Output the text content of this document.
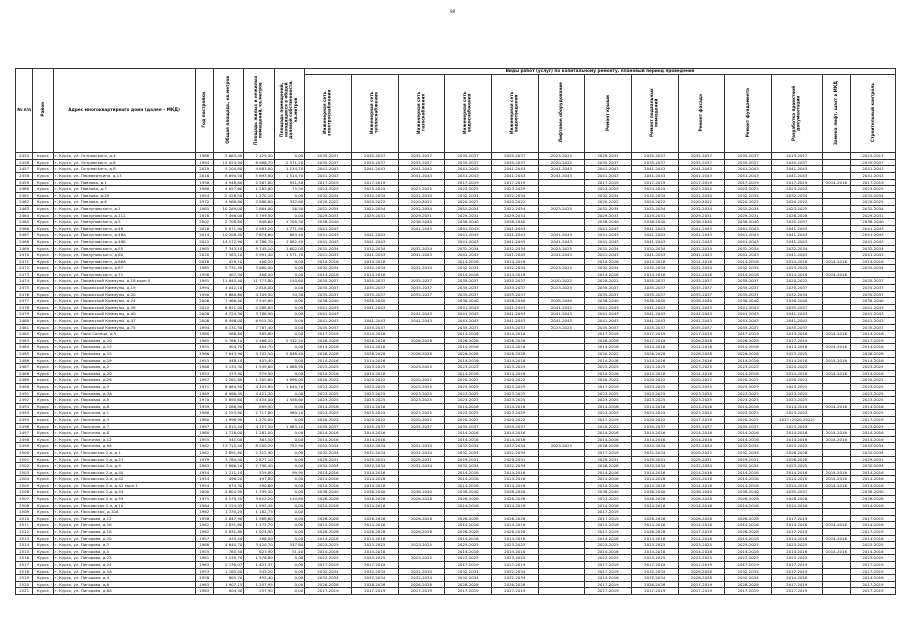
98
№ п/п	Район	Адрес многоквартирного дома (далее – МКД)	Год постройки	Общая площадь, кв.метров	Площадь жилых и нежилых помещений, кв.метров	Площадь помещений, находящихся в общей долевой собственности, кв.метров	Виды работ (услуг) по капитальному ремонту, плановый период проведения												
							Инженерная сеть электроснабжения	Инженерная сеть теплоснабжения	Инженерная сеть газоснабжения	Инженерная сеть водоснабжения	Инженерная сеть водоотведения	Лифтовое оборудование	Ремонт крыши	Ремонт подвальных помещений	Ремонт фасада	Ремонт фундамента	Разработка проектной документации	Замена лифт. шахт в МКД	Строительный контроль
2455	Курск	г. Курск, ул. Островского, д.4	1988	3 663,40	7 129,50	0,00	2035-2037	2035-2037	2035-2037	2035-2037	2035-2037	2023-2025	2029-2031	2035-2037	2035-2037	2035-2037	2015-2017		2015-2017
2456	Курск	г. Курск, ул. Островского, д.6	1994	12 024,90	8 988,70	2 571,20	2035-2037	2035-2037	2035-2037	2035-2037	2035-2037	2020-2022	2035-2037	2035-2037	2035-2037	2035-2037	2035-2037		2035-2037
2457	Курск	г. Курск, ул. Островского, д.8	2019	5 204,80	4 683,00	1 134,70	2041-2043	2041-2043	2041-2043	2041-2043	2041-2043	2041-2043	2041-2043	2041-2043	2041-2043	2041-2043	2041-2043		2041-2043
2458	Курск	г. Курск, ул. Переверткина, д.13	2016	8 690,50	5 693,80	1 514,70	2041-2043		2041-2043	2041-2043	2041-2043	2041-2043	2041-2043	2041-2043	2041-2043	2041-2043	2041-2043		2041-2043
2459	Курск	г. Курск, ул. Павлова, д.1	1958	4 948,60	2 367,80	931,40	2017-2019	2017-2019		2017-2019	2017-2019		2017-2019	2017-2019	2017-2019	2017-2019	2017-2019	2014-2016	2017-2019
2460	Курск	г. Курск, ул. Павлова, д.7	1968	4 627,60	1 283,60	75,50	2023-2025	2023-2025	2023-2025	2023-2025	2023-2025		2023-2025	2023-2025	2023-2025	2023-2025	2023-2025		2023-2025
2461	Курск	г. Курск, ул. Павлова, д.29	1954	2 426,50	1 270,10	0,00	2032-2034	2032-2034	2032-2034	2032-2034	2032-2034		2032-2034	2032-2034	2032-2034	2032-2034	2032-2034		2032-2034
2462	Курск	г. Курск, ул. Павлова, д.6	1972	4 586,80	2 888,80	332,60	2020-2022	2020-2022	2020-2022	2020-2022	2020-2022		2020-2022	2020-2022	2020-2022	2020-2022	2020-2022		2020-2022
2463	Курск	г. Курск, ул. Павлуновского, д.1	1985	10 289,00	7 864,00	26,50	2052-2054	2052-2054	2052-2054	2052-2054	2052-2054	2023-2025	2032-2034	2032-2034	2032-2034	2032-2034	2023-2025		2032-2034
2464	Курск	г. Курск, ул. Павлуновского, д.112	1978	7 496,00	5 799,50	0,00	2029-2031	2029-2031	2029-2031	2029-2031	2029-2031		2029-2031	2029-2031	2029-2031	2029-2031	2026-2028		2029-2031
2465	Курск	г. Курск, ул. Павлуновского, д.5	2002	2 708,80	848,60	1 708,30	2038-2040		2038-2040	2038-2040	2038-2040		2038-2040	2038-2040	2038-2040	2038-2040	2035-2037		2038-2040
2466	Курск	г. Курск, ул. Павлуновского, д.48	2016	5 071,90	2 997,20	1 771,90	2041-2043		2041-2043	2041-2043	2041-2043		2041-2043	2041-2043	2041-2043	2041-2043	2041-2043		2041-2043
2467	Курск	г. Курск, ул. Павлуновского, д.48А	2014	10 208,40	7 674,60	803,40	2041-2043	2041-2043		2041-2043	2041-2043	2041-2043	2041-2043	2041-2043	2041-2043	2041-2043	2041-2043		2041-2043
2468	Курск	г. Курск, ул. Павлуновского, д.48Б	2012	14 172,90	8 786,70	1 082,40	2041-2043	2041-2043		2041-2043	2041-2043	2041-2043	2041-2043	2041-2043	2041-2043	2041-2043	2041-2043		2041-2043
2469	Курск	г. Курск, ул. Павлуновского, д.55	1985	7 343,10	5 745,10	1 602,00	2032-2034	2032-2034	2032-2034	2032-2034	2032-2034	2023-2025	2032-2034	2032-2034	2032-2034	2032-2034	2032-2034		2032-2034
2470	Курск	г. Курск, ул. Павлуновского, д.60	2020	7 563,10	5 991,40	1 571,70	2041-2043	2041-2043	2041-2043	2041-2043	2041-2043	2041-2043	2041-2043	2041-2043	2041-2043	2041-2043	2041-2043		2041-2043
2471	Курск	г. Курск, ул. Павлуновского, д.66А	2016	429,10	406,20	0,00	2014-2016	2014-2016		2014-2016	2014-2016		2014-2016	2014-2016	2014-2016	2014-2016	2014-2016	2014-2016	2014-2016
2472	Курск	г. Курск, ул. Павлуновского, д.67	1985	5 731,50	3 880,50	0,00	2032-2034	2032-2034	2032-2034	2032-2034	2032-2034	2023-2025	2032-2034	2032-2034	2032-2034	2032-2034	2023-2025		2032-2034
2473	Курск	г. Курск, ул. Павлуновского, д.71	1958	407,30	406,50	0,00	2014-2016	2014-2016		2014-2016	2014-2016		2014-2016	2014-2016	2014-2016	2014-2016	2014-2016	2014-2016	
2474	Курск	г. Курск, ул. Парижской Коммуны, д.18 корп.5	1991	11 845,40	11 773,80	150,60	2035-2037	2035-2037	2035-2037	2035-2037	2035-2037	2020-2022	2020-2022	2035-2037	2035-2037	2035-2037	2020-2022		2035-2037
2475	Курск	г. Курск, ул. Парижской Коммуны, д.19	1994	4 042,10	2 818,00	0,00	2035-2037	2035-2037	2035-2037	2035-2037	2035-2037	2023-2025	2035-2037	2035-2037	2035-2037	2035-2037	2035-2037		2035-2037
2476	Курск	г. Курск, ул. Парижской Коммуны, д.20	1990	5 680,80	4 109,50	34,30	2035-2037	2035-2037	2035-2037	2035-2037	2035-2037		2035-2037	2035-2037	2035-2037	2035-2037	2032-2034		2035-2037
2477	Курск	г. Курск, ул. Парижской Коммуны, д.24	2006	7 466,40	7 545,60	0,00	2038-2040	2038-2040		2038-2040	2038-2040	2038-2040	2038-2040	2038-2040	2038-2040	2038-2040	2038-2040		2038-2040
2478	Курск	г. Курск, ул. Парижской Коммуны, д.38	2010	6 621,00	4 268,80	0,00	2041-2043	2041-2043		2041-2043	2041-2043	2041-2043	2041-2043	2041-2043	2041-2043	2041-2043	2035-2037		2041-2043
2479	Курск	г. Курск, ул. Парижской Коммуны, д.40	2008	4 724,30	3 786,90	0,00	2041-2043		2041-2043	2041-2043	2041-2043	2041-2043	2041-2043	2041-2043	2041-2043	2041-2043	2041-2043		2041-2043
2480	Курск	г. Курск, ул. Парижской Коммуны, д.47	2008	8 498,00	6 915,30	0,00	2041-2043	2041-2043	2041-2043	2041-2043	2041-2043	2041-2043	2041-2043	2041-2043	2041-2043	2041-2043	2041-2043		2041-2043
2481	Курск	г. Курск, ул. Парижской Коммуны, д.75	1994	8 131,30	7 787,40	0,00	2035-2037	2035-2037		2035-2037	2035-2037	2023-2025	2035-2037	2035-2037	2035-2037	2035-2037	2035-2037		2035-2037
2482	Курск	г. Курск, ул. Парк Солнца, д.5	1980	586,60	585,80	0,00	2017-2019	2014-2016		2014-2016	2014-2016		2017-2019	2017-2019	2017-2019	2017-2019	2014-2016	2014-2016	2014-2016
2483	Курск	г. Курск, ул. Парковая, д.10	1965	5 766,10	2 466,10	2 312,20	2026-2028	2026-2028	2026-2028	2026-2028	2026-2028		2026-2028	2017-2019	2026-2028	2026-2028	2017-2019		2017-2019
2484	Курск	г. Курск, ул. Парковая, д.12	1955	404,70	404,70	0,00	2014-2016	2014-2016		2014-2016	2014-2016		2014-2016	2014-2016	2014-2016	2014-2016	2014-2016	2014-2016	2014-2016
2485	Курск	г. Курск, ул. Парковая, д.15	1966	7 643,90	4 702,50	2 848,40	2026-2028	2026-2028	2026-2028	2026-2028	2026-2028		2020-2022	2026-2028	2026-2028	2026-2028	2023-2025		2026-2028
2486	Курск	г. Курск, ул. Парковая, д.19	1953	448,10	403,40	0,00	2014-2016	2014-2016		2014-2016	2014-2016		2014-2016	2014-2016	2014-2016	2014-2016	2014-2016	2014-2016	2014-2016
2487	Курск	г. Курск, ул. Парковая, д.2	1968	3 134,30	1 939,80	1 068,90	2023-2025	2023-2025	2023-2025	2023-2025	2023-2025		2023-2025	2023-2025	2023-2025	2023-2025	2020-2022		2023-2025
2488	Курск	г. Курск, ул. Парковая, д.20	1953	373,90	379,90	0,00	2014-2016	2014-2016		2014-2016	2014-2016		2014-2016	2014-2016	2014-2016	2014-2016	2014-2016	2014-2016	2014-2016
2489	Курск	г. Курск, ул. Парковая, д.26	1967	1 261,80	1 205,60	1 096,00	2020-2022	2020-2022	2020-2022	2020-2022	2020-2022		2020-2022	2020-2022	2020-2022	2020-2022	2020-2022		2020-2022
2490	Курск	г. Курск, ул. Парковая, д.3	1971	6 064,50	4 425,80	1 640,70	2023-2025	2023-2025	2023-2025	2023-2025	2023-2025		2017-2019	2023-2025	2023-2025	2023-2025	2023-2025		2023-2025
2491	Курск	г. Курск, ул. Парковая, д.3А	1969	6 066,40	4 421,30	0,00	2023-2025	2023-2025	2023-2025	2023-2025	2023-2025		2023-2025	2023-2025	2023-2025	2023-2025	2023-2025		2023-2025
2492	Курск	г. Курск, ул. Парковая, д.5	1970	5 890,60	4 434,00	1 456,60	2023-2025	2023-2025	2023-2025	2023-2025	2023-2025		2023-2025	2023-2025	2023-2025	2023-2025	2023-2025		2023-2025
2493	Курск	г. Курск, ул. Парковая, д.8	1959	1 286,90	899,90	0,00	2014-2016	2014-2016		2014-2016	2014-2016		2014-2016	2014-2016	2014-2016	2014-2016	2014-2016	2014-2016	2014-2016
2494	Курск	г. Курск, ул. Пасечная, д.1	1968	4 253,80	2 717,80	480,10	2023-2025	2023-2025	2023-2025	2023-2025	2023-2025		2023-2025	2023-2025	2023-2025	2023-2025	2023-2025		2023-2025
2495	Курск	г. Курск, ул. Пасечная, д.3	1960	1 998,90	1 270,00	0,00	2020-2022	2020-2022	2020-2022	2020-2022	2020-2022		2017-2019	2020-2022	2017-2019	2020-2022	2017 (2020-2022)		2017-2019
2496	Курск	г. Курск, ул. Пасечная, д.7	1997	4 815,40	4 727,50	1 083,10	2035-2037	2035-2037	2035-2037	2035-2037	2035-2037		2020-2022	2035-2037	2035-2037	2035-2037	2023-2025		2023-2025
2497	Курск	г. Курск, ул. Пасечная, д.8	1960	1 728,00	1 281,00	0,00	2014-2016	2014-2016		2014-2016	2014-2016		2014-2016	2014-2016	2014-2016	2014-2016	2014-2016	2014-2016	2014-2016
2498	Курск	г. Курск, ул. Пасечная, д.12	1955	541,00	363,50	0,00	2014-2016	2014-2016		2014-2016	2014-2016		2014-2016	2014-2016	2014-2016	2014-2016	2014-2016	2014-2016	2014-2016
2499	Курск	г. Курск, ул. Пасечная, д.9А	1982	13 715,40	8 200,20	752,90	2032-2034	2032-2034	2032-2034	2032-2034	2032-2034	2023-2025	2026-2028	2032-2034	2032-2034	2032-2034	2023-2025		2032-2034
2500	Курск	г. Курск, ул. Песковская 2-я, д.1	1962	2 891,80	2 312,90	0,00	2032-2034	2032-2034	2032-2034	2032-2034	2032-2034		2017-2019	2032-2034	2020-2022	2032-2034	2026-2028		2032-2034
2501	Курск	г. Курск, ул. Песковская 2-я, д.27	1979	3 784,40	2 877,10	0,00	2029-2031	2029-2031	2029-2031	2029-2031	2029-2031		2029-2031	2029-2031	2029-2031	2029-2031	2026-2028		2029-2031
2502	Курск	г. Курск, ул. Песковская 3-я, д.4	1963	3 866,10	2 798,40	0,00	2032-2034	2032-2034	2032-2034	2032-2034	2032-2034		2026-2028	2032-2034	2032-2034	2032-2034	2023-2025		2032-2034
2503	Курск	г. Курск, ул. Песковская 2-я, д.40	1954	1 211,10	529,80	99,90	2014-2016	2014-2016		2014-2016	2014-2016		2014-2016	2014-2016	2014-2016	2014-2016	2014-2016	2014-2016	2014-2016
2504	Курск	г. Курск, ул. Песковская 2-я, д.42	1954	496,20	497,80	0,00	2014-2016	2014-2016		2014-2016	2014-2016		2014-2016	2014-2016	2014-2016	2014-2016	2014-2016	2014-2016	2014-2016
2505	Курск	г. Курск, ул. Песковская 2-я, д.42 корп.1	1954	674,30	390,60	0,00	2014-2016	2014-2016		2014-2016	2014-2016		2014-2016	2014-2016	2014-2016	2014-2016	2014-2016	2014-2016	2014-2016
2506	Курск	г. Курск, ул. Песковская 2-я, д.44	2000	2 604,90	1 799,30	0,00	2038-2040	2038-2040	2038-2040	2038-2040	2038-2040		2038-2040	2038-2040	2038-2040	2038-2040	2035-2037		2038-2040
2507	Курск	г. Курск, ул. Песковская 2-я, д.53	1975	4 579,50	3 622,20	110,80	2026-2028	2026-2028	2026-2028	2026-2028	2026-2028		2023-2025	2026-2028	2026-2028	2026-2028	2026-2028		2026-2028
2508	Курск	г. Курск, ул. Песковская 2-я, д.10	1964	2 124,95	1 993,45	0,00	2014-2016	2014-2016		2014-2016	2014-2016		2014-2016	2014-2016	2014-2016	2014-2016	2014-2016		2014-2016
2509	Курск	г. Курск, ул. Песковская, д.10А	1962	1 335,25	1 182,75	0,00							2017-2019						
2510	Курск	г. Курск, ул. Пигорова, д.12	1958	2 647,90	1 988,60	0,00	2026-2028	2026-2028	2026-2028	2026-2028	2026-2028		2017-2019	2026-2028	2026-2028	2026-2028	2017-2019		2017-2019
2511	Курск	г. Курск, ул. Пигорова, д.16	1962	1 831,80	1 172,70	0,00	2014-2016	2014-2016		2014-2016	2014-2016		2014-2016	2014-2016	2014-2016	2014-2016	2014-2016	2014-2016	2014-2016
2512	Курск	г. Курск, ул. Пигорова, д.18	1962	2 831,80	1 924,90	0,00	2026-2028	2026-2028	2026-2028	2026-2028	2026-2028		2017-2019	2026-2028	2017-2019	2026-2028	2017-2019		2017-2019
2513	Курск	г. Курск, ул. Пигорова, д.20	1957	433,40	398,00	0,00	2014-2016	2014-2016		2014-2016	2014-2016		2014-2016	2014-2016	2014-2016	2014-2016	2014-2016	2014-2016	2014-2016
2514	Курск	г. Курск, ул. Пигорова, д.3	1968	4 640,70	3 420,70	537,80	2023-2025	2023-2025	2023-2025	2023-2025	2023-2025		2023-2025	2023-2025	2023-2025	2023-2025	2023-2025		2023-2025
2515	Курск	г. Курск, ул. Пигорова, д.5	1955	785,50	623,90	51,40	2014-2016	2014-2016		2014-2016	2014-2016		2014-2016	2014-2016	2014-2016	2014-2016	2014-2016	2014-2016	2014-2016
2516	Курск	г. Курск, ул. Пигорова, д.22	1961	2 139,70	1 576,80	0,00	2023-2025	2023-2025	2023-2025	2023-2025	2023-2025		2023-2025	2023-2025	2023-2025	2023-2025	2023-2025		2023-2025
2517	Курск	г. Курск, ул. Пигорова, д.24	1963	2 130,07	1 423,37	0,00	2017-2019	2017-2019		2017-2019	2017-2019		2017-2019	2017-2019	2017-2019	2017-2019	2017-2019		2017-2019
2518	Курск	г. Курск, ул. Пигорова, д.3А	1953	1 185,00	545,20	0,00	2032-2034	2032-2034	2032-2034	2032-2034	2032-2034		2017-2019	2032-2034	2026-2028	2032-2034	2017-2019		2017-2019
2519	Курск	г. Курск, ул. Пигорова, д.4	1958	805,70	455,40	0,00	2032-2034	2032-2034	2032-2034	2032-2034	2032-2034		2014-2016	2032-2034	2026-2028	2032-2034	2014-2016		2014-2016
2520	Курск	г. Курск, ул. Пигорова, д.6	1963	1 907,15	1 257,95	0,00	2026-2028	2026-2028	2026-2028	2026-2028	2026-2028		2017-2019	2026-2028	2017-2019	2026-2028	2017-2019		2017-2019
2521	Курск	г. Курск, ул. Пигорова, д.6А	1963	904,40	557,90	0,00	2017-2019	2017-2019	2017-2019	2017-2019	2017-2019		2017-2019	2017-2019	2017-2019	2017-2019	2017-2019		2017-2019
